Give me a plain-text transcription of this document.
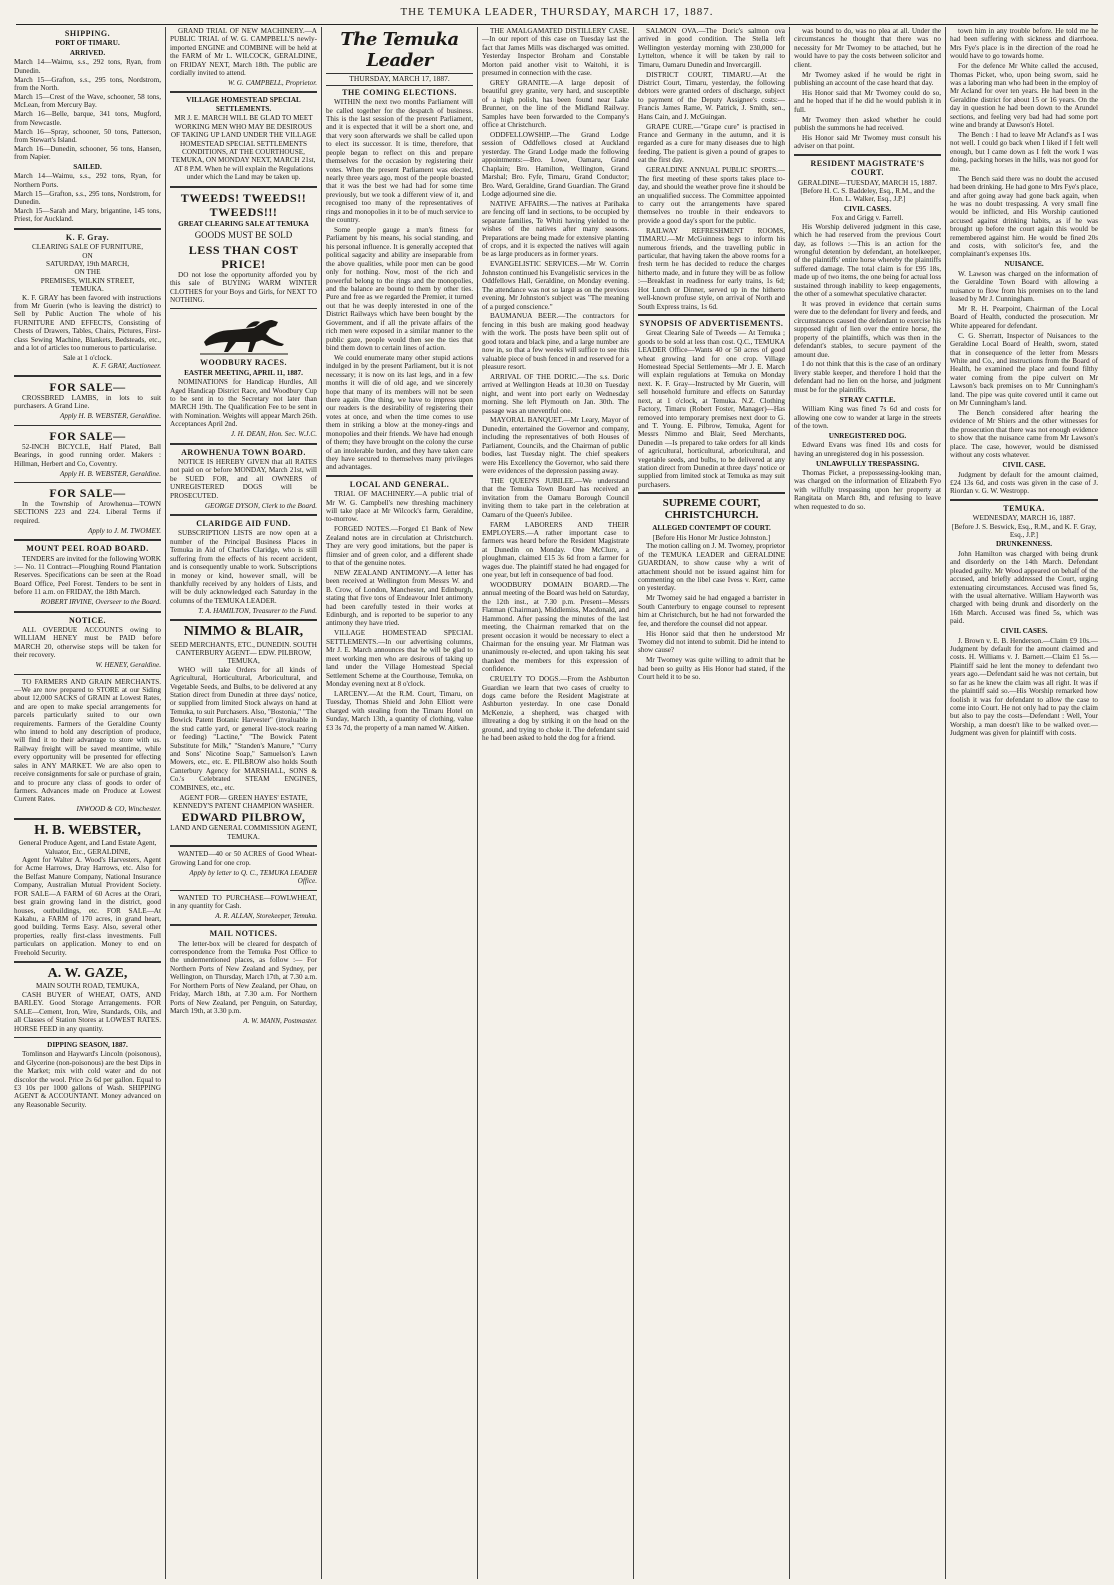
THE TEMUKA LEADER, THURSDAY, MARCH 17, 1887.
SHIPPING.
PORT OF TIMARU.
ARRIVED.
March 14—Waimu, s.s., 292 tons, Ryan, from Dunedin.
March 15—Grafton, s.s., 295 tons, Nordstrom, from the North.
March 15—Crest of the Wave, schooner, 58 tons, McLean, from Mercury Bay.
March 16—Belle, barque, 341 tons, Mugford, from Newcastle.
March 16—Spray, schooner, 50 tons, Patterson, from Stewart's Island.
March 16—Dunedin, schooner, 56 tons, Hansen, from Napier.
SAILED.
March 14—Waimu, s.s., 292 tons, Ryan, for Northern Ports.
March 15—Grafton, s.s., 295 tons, Nordstrom, for Dunedin.
March 15—Sarah and Mary, brigantine, 145 tons, Priest, for Auckland.
K. F. Gray.
CLEARING SALE OF FURNITURE,
ON
SATURDAY, 19th MARCH,
ON THE
PREMISES, WILKIN STREET,
TEMUKA.
K. F. GRAY has been favored with instructions from Mr Guerin (who is leaving the district) to Sell by Public Auction The whole of his FURNITURE AND EFFECTS, Consisting of Chests of Drawers, Tables, Chairs, Pictures, First-class Sewing Machine, Blankets, Bedsteads, etc., and a lot of articles too numerous to particularise.
Sale at 1 o'clock.
K. F. GRAY, Auctioneer.
FOR SALE—
CROSSBRED LAMBS, in lots to suit purchasers. A Grand Line.
Apply H. B. WEBSTER, Geraldine.
FOR SALE—
52-INCH BICYCLE, Half Plated, Ball Bearings, in good running order. Makers : Hillman, Herbert and Co, Coventry.
Apply H. B. WEBSTER, Geraldine.
FOR SALE—
In the Township of Arowhenua—TOWN SECTIONS 223 and 224. Liberal Terms if required.
Apply to J. M. TWOMEY.
MOUNT PEEL ROAD BOARD.
TENDERS are invited for the following WORK :— No. 11 Contract—Ploughing Round Plantation Reserves. Specifications can be seen at the Road Board Office, Peel Forest. Tenders to be sent in before 11 a.m. on FRIDAY, the 18th March.
ROBERT IRVINE, Overseer to the Board.
NOTICE.
ALL OVERDUE ACCOUNTS owing to WILLIAM HENEY must be PAID before MARCH 20, otherwise steps will be taken for their recovery.
W. HENEY, Geraldine.
TO FARMERS AND GRAIN MERCHANTS.—We are now prepared to STORE at our Siding about 12,000 SACKS of GRAIN at Lowest Rates, and are open to make special arrangements for parcels particularly suited to our own requirements. Farmers of the Geraldine County who intend to hold any description of produce, will find it to their advantage to store with us. Railway freight will be saved meantime, while every opportunity will be presented for effecting sales in ANY MARKET. We are also open to receive consignments for sale or purchase of grain, and to procure any class of goods to order of farmers. Advances made on Produce at Lowest Current Rates.
INWOOD & CO, Winchester.
H. B. WEBSTER,
General Produce Agent, and Land Estate Agent, Valuator, Etc., GERALDINE,
Agent for Walter A. Wood's Harvesters, Agent for Acme Harrows, Dray Harrows, etc. Also for the Belfast Manure Company, National Insurance Company, Australian Mutual Provident Society. FOR SALE—A FARM of 60 Acres at the Orari, best grain growing land in the district, good houses, outbuildings, etc. FOR SALE—At Kakahu, a FARM of 170 acres, in grand heart, good building. Terms Easy. Also, several other properties, really first-class investments. Full particulars on application. Money to end on Freehold Security.
A. W. GAZE,
MAIN SOUTH ROAD, TEMUKA,
CASH BUYER of WHEAT, OATS, AND BARLEY. Good Storage Arrangements. FOR SALE—Cement, Iron, Wire, Standards, Oils, and all Classes of Station Stores at LOWEST RATES. HORSE FEED in any quantity.
DIPPING SEASON, 1887.
Tomlinson and Hayward's Lincoln (poisonous), and Glycerine (non-poisonous) are the best Dips in the Market; mix with cold water and do not discolor the wool. Price 2s 6d per gallon. Equal to £3 10s per 1000 gallons of Wash. SHIPPING AGENT & ACCOUNTANT. Money advanced on any Reasonable Security.
GRAND TRIAL OF NEW MACHINERY.—A PUBLIC TRIAL of W. G. CAMPBELL'S newly-imported ENGINE and COMBINE will be held at the FARM of Mr L. WILCOCK, GERALDINE, on FRIDAY NEXT, March 18th. The public are cordially invited to attend.
W. G. CAMPBELL, Proprietor.
VILLAGE HOMESTEAD SPECIAL SETTLEMENTS.
MR J. E. MARCH WILL BE GLAD TO MEET WORKING MEN WHO MAY BE DESIROUS OF TAKING UP LAND UNDER THE VILLAGE HOMESTEAD SPECIAL SETTLEMENTS CONDITIONS, AT THE COURTHOUSE, TEMUKA, ON MONDAY NEXT, MARCH 21st, AT 8 P.M. When he will explain the Regulations under which the Land may be taken up.
TWEEDS! TWEEDS!! TWEEDS!!!
GREAT CLEARING SALE AT TEMUKA
GOODS MUST BE SOLD
LESS THAN COST PRICE!
DO not lose the opportunity afforded you by this sale of BUYING WARM WINTER CLOTHES for your Boys and Girls, for NEXT TO NOTHING.
WOODBURY RACES.
EASTER MEETING, APRIL 11, 1887.
NOMINATIONS for Handicap Hurdles, All Aged Handicap District Race, and Woodbury Cup to be sent in to the Secretary not later than MARCH 19th. The Qualification Fee to be sent in with Nomination. Weights will appear March 26th. Acceptances April 2nd.
J. H. DEAN, Hon. Sec. W.J.C.
AROWHENUA TOWN BOARD.
NOTICE IS HEREBY GIVEN that all RATES not paid on or before MONDAY, March 21st, will be SUED FOR, and all OWNERS of UNREGISTERED DOGS will be PROSECUTED.
GEORGE DYSON, Clerk to the Board.
CLARIDGE AID FUND.
SUBSCRIPTION LISTS are now open at a number of the Principal Business Places in Temuka in Aid of Charles Claridge, who is still suffering from the effects of his recent accident, and is consequently unable to work. Subscriptions in money or kind, however small, will be thankfully received by any holders of Lists, and will be duly acknowledged each Saturday in the columns of the TEMUKA LEADER.
T. A. HAMILTON, Treasurer to the Fund.
NIMMO & BLAIR,
SEED MERCHANTS, ETC., DUNEDIN. SOUTH CANTERBURY AGENT— EDW. PILBROW, TEMUKA,
WHO will take Orders for all kinds of Agricultural, Horticultural, Arboricultural, and Vegetable Seeds, and Bulbs, to be delivered at any Station direct from Dunedin at three days' notice, or supplied from limited Stock always on hand at Temuka, to suit Purchasers. Also, "Bostonia," "The Bowick Patent Botanic Harvester" (invaluable in the stud cattle yard, or general live-stock rearing or feeding) "Lactine," "The Bowick Patent Substitute for Milk," "Standen's Manure," "Curry and Sons' Nicotine Soap," Samuelson's Lawn Mowers, etc., etc. E. PILBROW also holds South Canterbury Agency for MARSHALL, SONS & Co.'s Celebrated STEAM ENGINES, COMBINES, etc., etc.
AGENT FOR— GREEN HAYES' ESTATE, KENNEDY'S PATENT CHAMPION WASHER.
EDWARD PILBROW,
LAND AND GENERAL COMMISSION AGENT, TEMUKA.
WANTED—40 or 50 ACRES of Good Wheat-Growing Land for one crop.
Apply by letter to Q. C., TEMUKA LEADER Office.
WANTED TO PURCHASE—FOWLWHEAT, in any quantity for Cash.
A. R. ALLAN, Storekeeper, Temuka.
MAIL NOTICES.
The letter-box will be cleared for despatch of correspondence from the Temuka Post Office to the undermentioned places, as follow :— For Northern Ports of New Zealand and Sydney, per Wellington, on Thursday, March 17th, at 7.30 a.m. For Northern Ports of New Zealand, per Ohau, on Friday, March 18th, at 7.30 a.m. For Northern Ports of New Zealand, per Penguin, on Saturday, March 19th, at 3.30 p.m.
A. W. MANN, Postmaster.
The Temuka Leader
THURSDAY, MARCH 17, 1887.
THE COMING ELECTIONS.
WITHIN the next two months Parliament will be called together for the despatch of business. This is the last session of the present Parliament, and it is expected that it will be a short one, and that very soon afterwards we shall be called upon to elect its successor. It is time, therefore, that people began to reflect on this and prepare themselves for the occasion by registering their votes. When the present Parliament was elected, nearly three years ago, most of the people boasted that it was the best we had had for some time previously, but we took a different view of it, and recognised too many of the representatives of rings and monopolies in it to be of much service to the country.
Some people gauge a man's fitness for Parliament by his means, his social standing, and his personal influence. It is generally accepted that political sagacity and ability are inseparable from the above qualities, while poor men can be good only for nothing. Now, most of the rich and powerful belong to the rings and the monopolies, and the balance are bound to them by other ties. Pure and free as we regarded the Premier, it turned out that he was deeply interested in one of the District Railways which have been bought by the Government, and if all the private affairs of the rich men were exposed in a similar manner to the public gaze, people would then see the ties that bind them down to certain lines of action.
We could enumerate many other stupid actions indulged in by the present Parliament, but it is not necessary; it is now on its last legs, and in a few months it will die of old age, and we sincerely hope that many of its members will not be seen there again. One thing, we have to impress upon our readers is the desirability of registering their votes at once, and when the time comes to use them in striking a blow at the money-rings and monopolies and their friends. We have had enough of them; they have brought on the colony the curse of an intolerable burden, and they have taken care they have secured to themselves many privileges and advantages.
LOCAL AND GENERAL.
TRIAL OF MACHINERY.—A public trial of Mr W. G. Campbell's new threshing machinery will take place at Mr Wilcock's farm, Geraldine, to-morrow.
FORGED NOTES.—Forged £1 Bank of New Zealand notes are in circulation at Christchurch. They are very good imitations, but the paper is flimsier and of green color, and a different shade to that of the genuine notes.
NEW ZEALAND ANTIMONY.—A letter has been received at Wellington from Messrs W. and B. Crow, of London, Manchester, and Edinburgh, stating that five tons of Endeavour Inlet antimony had been carefully tested in their works at Edinburgh, and is reported to be superior to any antimony they have tried.
VILLAGE HOMESTEAD SPECIAL SETTLEMENTS.—In our advertising columns, Mr J. E. March announces that he will be glad to meet working men who are desirous of taking up land under the Village Homestead Special Settlement Scheme at the Courthouse, Temuka, on Monday evening next at 8 o'clock.
LARCENY.—At the R.M. Court, Timaru, on Tuesday, Thomas Shield and John Elliott were charged with stealing from the Timaru Hotel on Sunday, March 13th, a quantity of clothing, value £3 3s 7d, the property of a man named W. Aitken.
THE AMALGAMATED DISTILLERY CASE.—In our report of this case on Tuesday last the fact that James Mills was discharged was omitted. Yesterday Inspector Broham and Constable Morton paid another visit to Waitohi, it is presumed in connection with the case.
GREY GRANITE.—A large deposit of beautiful grey granite, very hard, and susceptible of a high polish, has been found near Lake Brunner, on the line of the Midland Railway. Samples have been forwarded to the Company's office at Christchurch.
ODDFELLOWSHIP.—The Grand Lodge session of Oddfellows closed at Auckland yesterday. The Grand Lodge made the following appointments:—Bro. Lowe, Oamaru, Grand Chaplain; Bro. Hamilton, Wellington, Grand Marshal; Bro. Fyfe, Timaru, Grand Conductor; Bro. Ward, Geraldine, Grand Guardian. The Grand Lodge adjourned sine die.
NATIVE AFFAIRS.—The natives at Parihaka are fencing off land in sections, to be occupied by separate families, Te Whiti having yielded to the wishes of the natives after many seasons. Preparations are being made for extensive planting of crops, and it is expected the natives will again be as large producers as in former years.
EVANGELISTIC SERVICES.—Mr W. Corrin Johnston continued his Evangelistic services in the Oddfellows Hall, Geraldine, on Monday evening. The attendance was not so large as on the previous evening. Mr Johnston's subject was "The meaning of a purged conscience."
BAUMANUA BEER.—The contractors for fencing in this bush are making good headway with the work. The posts have been split out of good totara and black pine, and a large number are now in, so that a few weeks will suffice to see this valuable piece of bush fenced in and reserved for a pleasure resort.
ARRIVAL OF THE DORIC.—The s.s. Doric arrived at Wellington Heads at 10.30 on Tuesday night, and went into port early on Wednesday morning. She left Plymouth on Jan. 30th. The passage was an uneventful one.
MAYORAL BANQUET.—Mr Leary, Mayor of Dunedin, entertained the Governor and company, including the representatives of both Houses of Parliament, Councils, and the Chairman of public bodies, last Tuesday night. The chief speakers were His Excellency the Governor, who said there were evidences of the depression passing away.
THE QUEEN'S JUBILEE.—We understand that the Temuka Town Board has received an invitation from the Oamaru Borough Council inviting them to take part in the celebration at Oamaru of the Queen's Jubilee.
FARM LABORERS AND THEIR EMPLOYERS.—A rather important case to farmers was heard before the Resident Magistrate at Dunedin on Monday. One McClure, a ploughman, claimed £15 3s 6d from a farmer for wages due. The plaintiff stated he had engaged for one year, but left in consequence of bad food.
WOODBURY DOMAIN BOARD.—The annual meeting of the Board was held on Saturday, the 12th inst., at 7.30 p.m. Present—Messrs Flatman (Chairman), Middlemiss, Macdonald, and Hammond. After passing the minutes of the last meeting, the Chairman remarked that on the present occasion it would be necessary to elect a Chairman for the ensuing year. Mr Flatman was unanimously re-elected, and upon taking his seat thanked the members for this expression of confidence.
CRUELTY TO DOGS.—From the Ashburton Guardian we learn that two cases of cruelty to dogs came before the Resident Magistrate at Ashburton yesterday. In one case Donald McKenzie, a shepherd, was charged with illtreating a dog by striking it on the head on the ground, and trying to choke it. The defendant said he had been asked to hold the dog for a friend.
SALMON OVA.—The Doric's salmon ova arrived in good condition. The Stella left Wellington yesterday morning with 230,000 for Lyttelton, whence it will be taken by rail to Timaru, Oamaru Dunedin and Invercargill.
DISTRICT COURT, TIMARU.—At the District Court, Timaru, yesterday, the following debtors were granted orders of discharge, subject to payment of the Deputy Assignee's costs:—Francis James Rame, W. Patrick, J. Smith, sen., Hans Cain, and J. McGuingan.
GRAPE CURE.—"Grape cure" is practised in France and Germany in the autumn, and it is regarded as a cure for many diseases due to high feeding. The patient is given a pound of grapes to eat the first day.
GERALDINE ANNUAL PUBLIC SPORTS.—The first meeting of these sports takes place to-day, and should the weather prove fine it should be an unqualified success. The Committee appointed to carry out the arrangements have spared themselves no trouble in their endeavors to provide a good day's sport for the public.
RAILWAY REFRESHMENT ROOMS, TIMARU.—Mr McGuinness begs to inform his numerous friends, and the travelling public in particular, that having taken the above rooms for a fresh term he has decided to reduce the charges hitherto made, and in future they will be as follow :—Breakfast in readiness for early trains, 1s 6d; Hot Lunch or Dinner, served up in the hitherto well-known profuse style, on arrival of North and South Express trains, 1s 6d.
SYNOPSIS OF ADVERTISEMENTS.
Great Clearing Sale of Tweeds — At Temuka ; goods to be sold at less than cost. Q.C., TEMUKA LEADER Office—Wants 40 or 50 acres of good wheat growing land for one crop. Village Homestead Special Settlements—Mr J. E. March will explain regulations at Temuka on Monday next. K. F. Gray—Instructed by Mr Guerin, will sell household furniture and effects on Saturday next, at 1 o'clock, at Temuka. N.Z. Clothing Factory, Timaru (Robert Foster, Manager)—Has removed into temporary premises next door to G. and T. Young. E. Pilbrow, Temuka, Agent for Messrs Nimmo and Blair, Seed Merchants, Dunedin —Is prepared to take orders for all kinds of agricultural, horticultural, arboricultural, and vegetable seeds, and bulbs, to be delivered at any station direct from Dunedin at three days' notice or supplied from limited stock at Temuka as may suit purchasers.
SUPREME COURT, CHRISTCHURCH.
ALLEGED CONTEMPT OF COURT.
[Before His Honor Mr Justice Johnston.]
The motion calling on J. M. Twomey, proprietor of the TEMUKA LEADER and GERALDINE GUARDIAN, to show cause why a writ of attachment should not be issued against him for commenting on the libel case Ivess v. Kerr, came on yesterday.
Mr Twomey said he had engaged a barrister in South Canterbury to engage counsel to represent him at Christchurch, but he had not forwarded the fee, and therefore the counsel did not appear.
His Honor said that then he understood Mr Twomey did not intend to submit. Did he intend to show cause?
Mr Twomey was quite willing to admit that he had been so guilty as His Honor had stated, if the Court held it to be so.
was bound to do, was no plea at all. Under the circumstances he thought that there was no necessity for Mr Twomey to be attached, but he would have to pay the costs between solicitor and client.
Mr Twomey asked if he would be right in publishing an account of the case heard that day.
His Honor said that Mr Twomey could do so, and he hoped that if he did he would publish it in full.
Mr Twomey then asked whether he could publish the summons he had received.
His Honor said Mr Twomey must consult his adviser on that point.
RESIDENT MAGISTRATE'S COURT.
GERALDINE—TUESDAY, MARCH 15, 1887.
[Before H. C. S. Baddeley, Esq., R.M., and the Hon. L. Walker, Esq., J.P.]
CIVIL CASES.
Fox and Grigg v. Farrell.
His Worship delivered judgment in this case, which he had reserved from the previous Court day, as follows :—This is an action for the wrongful detention by defendant, an hotelkeeper, of the plaintiffs' entire horse whereby the plaintiffs suffered damage. The total claim is for £95 18s, made up of two items, the one being for actual loss sustained through inability to keep engagements, the other of a somewhat speculative character.
It was proved in evidence that certain sums were due to the defendant for livery and feeds, and circumstances caused the defendant to exercise his supposed right of lien over the entire horse, the property of the plaintiffs, which was then in the defendant's stables, to secure payment of the amount due.
I do not think that this is the case of an ordinary livery stable keeper, and therefore I hold that the defendant had no lien on the horse, and judgment must be for the plaintiffs.
STRAY CATTLE.
William King was fined 7s 6d and costs for allowing one cow to wander at large in the streets of the town.
UNREGISTERED DOG.
Edward Evans was fined 10s and costs for having an unregistered dog in his possession.
UNLAWFULLY TRESPASSING.
Thomas Picket, a prepossessing-looking man, was charged on the information of Elizabeth Fyo with wilfully trespassing upon her property at Rangitata on March 8th, and refusing to leave when requested to do so.
town him in any trouble before. He told me he had been suffering with sickness and diarrhoea. Mrs Fye's place is in the direction of the road he would have to go towards home.
For the defence Mr White called the accused, Thomas Picket, who, upon being sworn, said he was a laboring man who had been in the employ of Mr Acland for over ten years. He had been in the Geraldine district for about 15 or 16 years. On the day in question he had been down to the Arundel sections, and feeling very bad had had some port wine and brandy at Dawson's Hotel.
The Bench : I had to leave Mr Acland's as I was not well. I could go back when I liked if I felt well enough, but I came down as I felt the work I was doing, packing horses in the hills, was not good for me.
The Bench said there was no doubt the accused had been drinking. He had gone to Mrs Fye's place, and after going away had gone back again, when he was no doubt trespassing. A very small fine would be inflicted, and His Worship cautioned accused against drinking habits, as if he was brought up before the court again this would be remembered against him. He would be fined 20s and costs, with solicitor's fee, and the complainant's expenses 10s.
NUISANCE.
W. Lawson was charged on the information of the Geraldine Town Board with allowing a nuisance to flow from his premises on to the land leased by Mr J. Cunningham.
Mr R. H. Pearpoint, Chairman of the Local Board of Health, conducted the prosecution. Mr White appeared for defendant.
C. G. Sherratt, Inspector of Nuisances to the Geraldine Local Board of Health, sworn, stated that in consequence of the letter from Messrs White and Co., and instructions from the Board of Health, he examined the place and found filthy water coming from the pipe culvert on Mr Lawson's back premises on to Mr Cunningham's land. The pipe was quite covered until it came out on Mr Cunningham's land.
The Bench considered after hearing the evidence of Mr Shiers and the other witnesses for the prosecution that there was not enough evidence to show that the nuisance came from Mr Lawson's place. The case, however, would be dismissed without any costs whatever.
CIVIL CASE.
Judgment by default for the amount claimed, £24 13s 6d, and costs was given in the case of J. Riordan v. G. W. Westropp.
TEMUKA.
WEDNESDAY, MARCH 16, 1887.
[Before J. S. Beswick, Esq., R.M., and K. F. Gray, Esq., J.P.]
DRUNKENNESS.
John Hamilton was charged with being drunk and disorderly on the 14th March. Defendant pleaded guilty. Mr Wood appeared on behalf of the accused, and briefly addressed the Court, urging extenuating circumstances. Accused was fined 5s, with the usual alternative. William Hayworth was charged with being drunk and disorderly on the 16th March. Accused was fined 5s, which was paid.
CIVIL CASES.
J. Brown v. E. B. Henderson.—Claim £9 10s.—Judgment by default for the amount claimed and costs. H. Williams v. J. Barnett.—Claim £1 5s.—Plaintiff said he lent the money to defendant two years ago.—Defendant said he was not certain, but so far as he knew the claim was all right. It was if the plaintiff said so.—His Worship remarked how foolish it was for defendant to allow the case to come into Court. He not only had to pay the claim but also to pay the costs—Defendant : Well, Your Worship, a man doesn't like to be walked over.—Judgment was given for plaintiff with costs.
